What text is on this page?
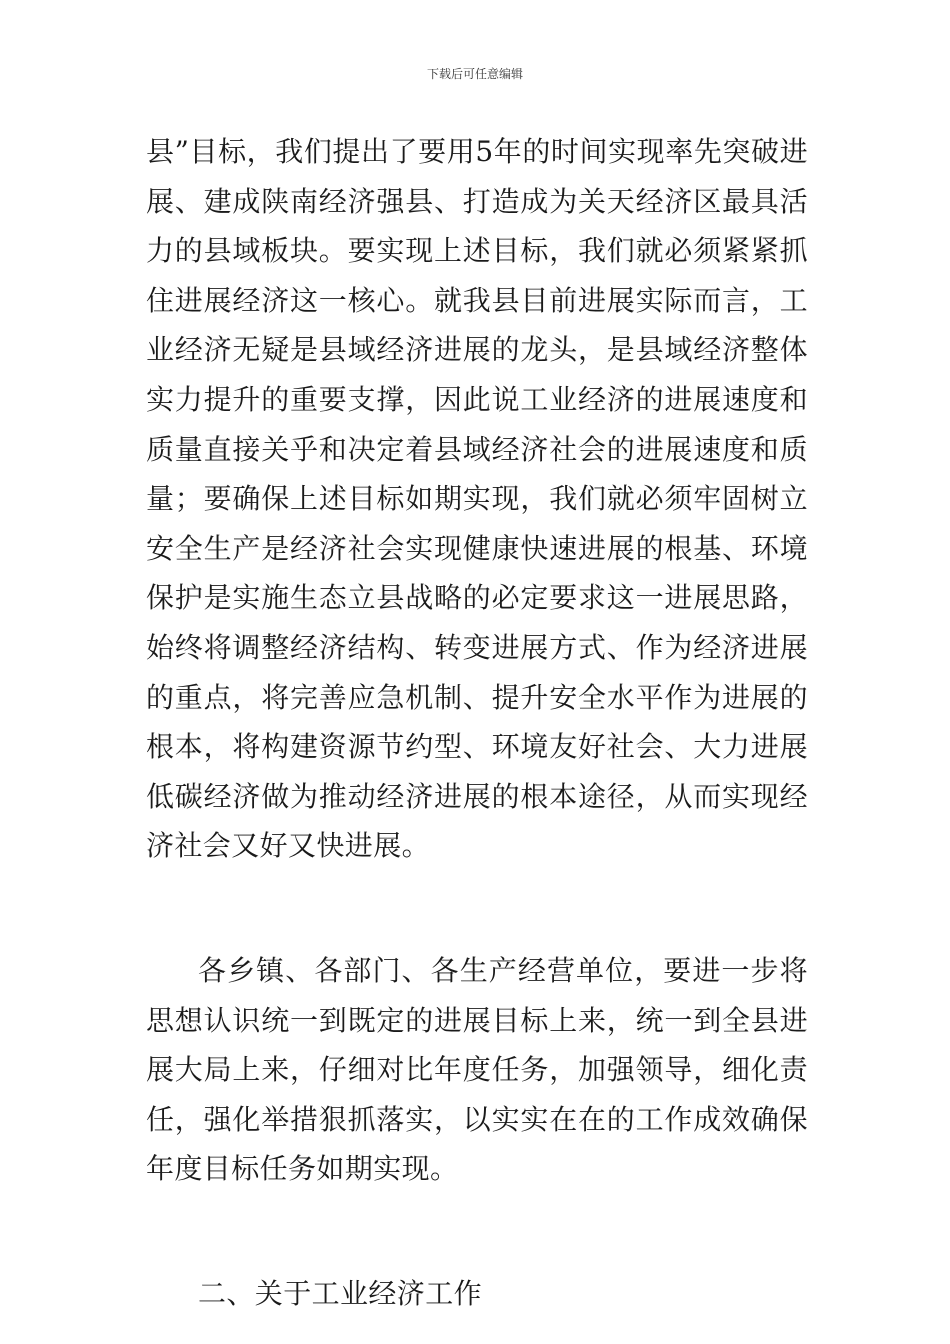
下载后可任意编辑

县”目标，我们提出了要用5年的时间实现率先突破进展、建成陕南经济强县、打造成为关天经济区最具活力的县域板块。要实现上述目标，我们就必须紧紧抓住进展经济这一核心。就我县目前进展实际而言，工业经济无疑是县域经济进展的龙头，是县域经济整体实力提升的重要支撑，因此说工业经济的进展速度和质量直接关乎和决定着县域经济社会的进展速度和质量；要确保上述目标如期实现，我们就必须牢固树立安全生产是经济社会实现健康快速进展的根基、环境保护是实施生态立县战略的必定要求这一进展思路，始终将调整经济结构、转变进展方式、作为经济进展的重点，将完善应急机制、提升安全水平作为进展的根本，将构建资源节约型、环境友好社会、大力进展低碳经济做为推动经济进展的根本途径，从而实现经济社会又好又快进展。

各乡镇、各部门、各生产经营单位，要进一步将思想认识统一到既定的进展目标上来，统一到全县进展大局上来，仔细对比年度任务，加强领导，细化责任，强化举措狠抓落实，以实实在在的工作成效确保年度目标任务如期实现。

二、关于工业经济工作
